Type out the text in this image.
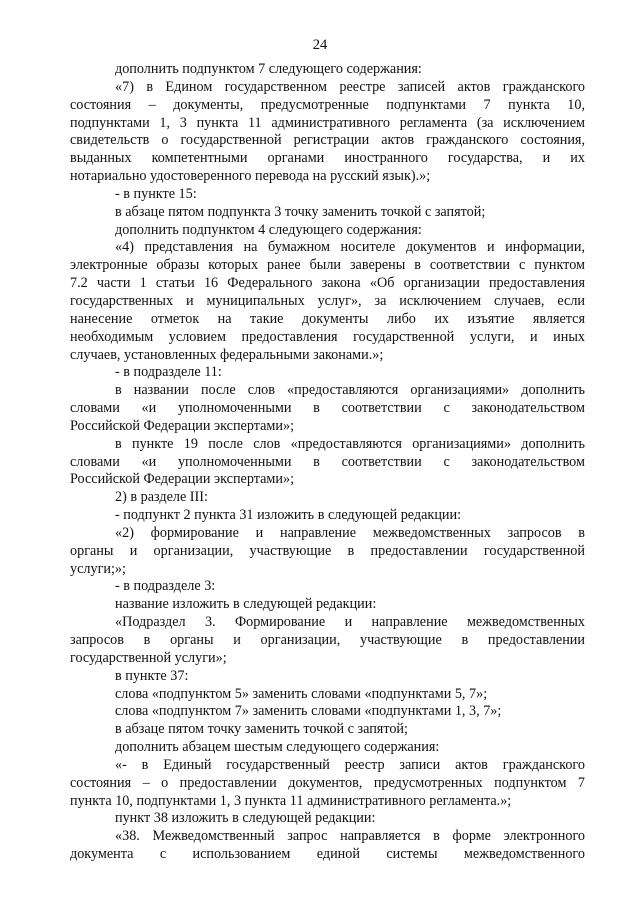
24
дополнить подпунктом 7 следующего содержания:
«7) в Едином государственном реестре записей актов гражданского
состояния – документы, предусмотренные подпунктами 7 пункта 10,
подпунктами 1, 3 пункта 11 административного регламента (за исключением
свидетельств о государственной регистрации актов гражданского состояния,
выданных компетентными органами иностранного государства, и их
нотариально удостоверенного перевода на русский язык).»;
- в пункте 15:
в абзаце пятом подпункта 3 точку заменить точкой с запятой;
дополнить подпунктом 4 следующего содержания:
«4) представления на бумажном носителе документов и информации,
электронные образы которых ранее были заверены в соответствии с пунктом
7.2 части 1 статьи 16 Федерального закона «Об организации предоставления
государственных и муниципальных услуг», за исключением случаев, если
нанесение отметок на такие документы либо их изъятие является
необходимым условием предоставления государственной услуги, и иных
случаев, установленных федеральными законами.»;
- в подразделе 11:
в названии после слов «предоставляются организациями» дополнить
словами «и уполномоченными в соответствии с законодательством
Российской Федерации экспертами»;
в пункте 19 после слов «предоставляются организациями» дополнить
словами «и уполномоченными в соответствии с законодательством
Российской Федерации экспертами»;
2) в разделе III:
- подпункт 2 пункта 31 изложить в следующей редакции:
«2) формирование и направление межведомственных запросов в
органы и организации, участвующие в предоставлении государственной
услуги;»;
- в подразделе 3:
название изложить в следующей редакции:
«Подраздел 3. Формирование и направление межведомственных
запросов в органы и организации, участвующие в предоставлении
государственной услуги»;
в пункте 37:
слова «подпунктом 5» заменить словами «подпунктами 5, 7»;
слова «подпунктом 7» заменить словами «подпунктами 1, 3, 7»;
в абзаце пятом точку заменить точкой с запятой;
дополнить абзацем шестым следующего содержания:
«- в Единый государственный реестр записи актов гражданского
состояния – о предоставлении документов, предусмотренных подпунктом 7
пункта 10, подпунктами 1, 3 пункта 11 административного регламента.»;
пункт 38 изложить в следующей редакции:
«38. Межведомственный запрос направляется в форме электронного
документа с использованием единой системы межведомственного
